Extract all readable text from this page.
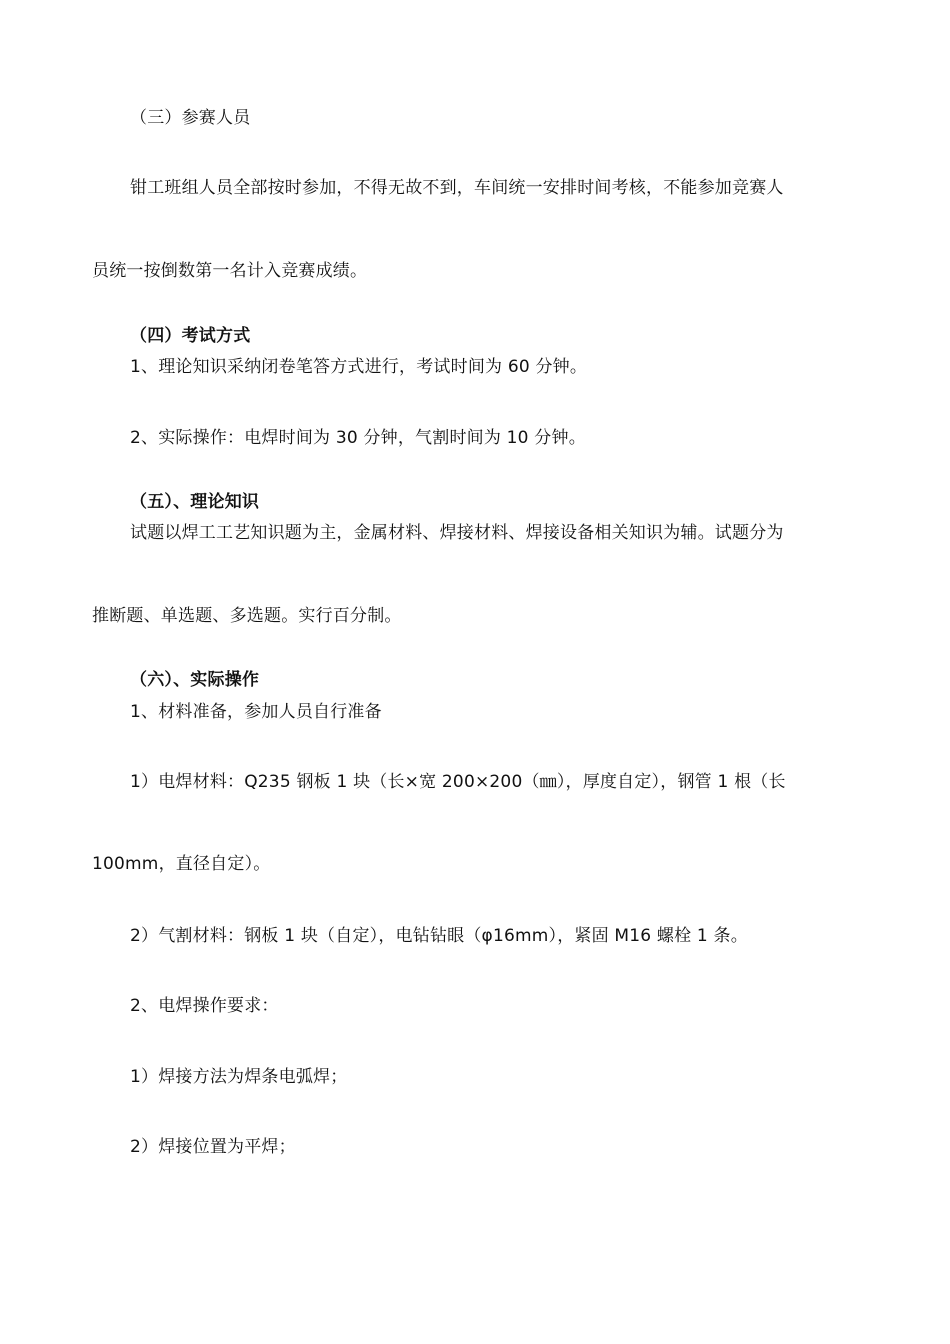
（三）参赛人员
钳工班组人员全部按时参加，不得无故不到，车间统一安排时间考核，不能参加竞赛人
员统一按倒数第一名计入竞赛成绩。
（四）考试方式
1、理论知识采纳闭卷笔答方式进行，考试时间为 60 分钟。
2、实际操作：电焊时间为 30 分钟，气割时间为 10 分钟。
（五）、理论知识
试题以焊工工艺知识题为主，金属材料、焊接材料、焊接设备相关知识为辅。试题分为
推断题、单选题、多选题。实行百分制。
（六）、实际操作
1、材料准备，参加人员自行准备
1）电焊材料：Q235 钢板 1 块（长×宽 200×200（㎜），厚度自定），钢管 1 根（长
100mm，直径自定）。
2）气割材料：钢板 1 块（自定），电钻钻眼（φ16mm），紧固 M16 螺栓 1 条。
2、电焊操作要求：
1）焊接方法为焊条电弧焊；
2）焊接位置为平焊；
